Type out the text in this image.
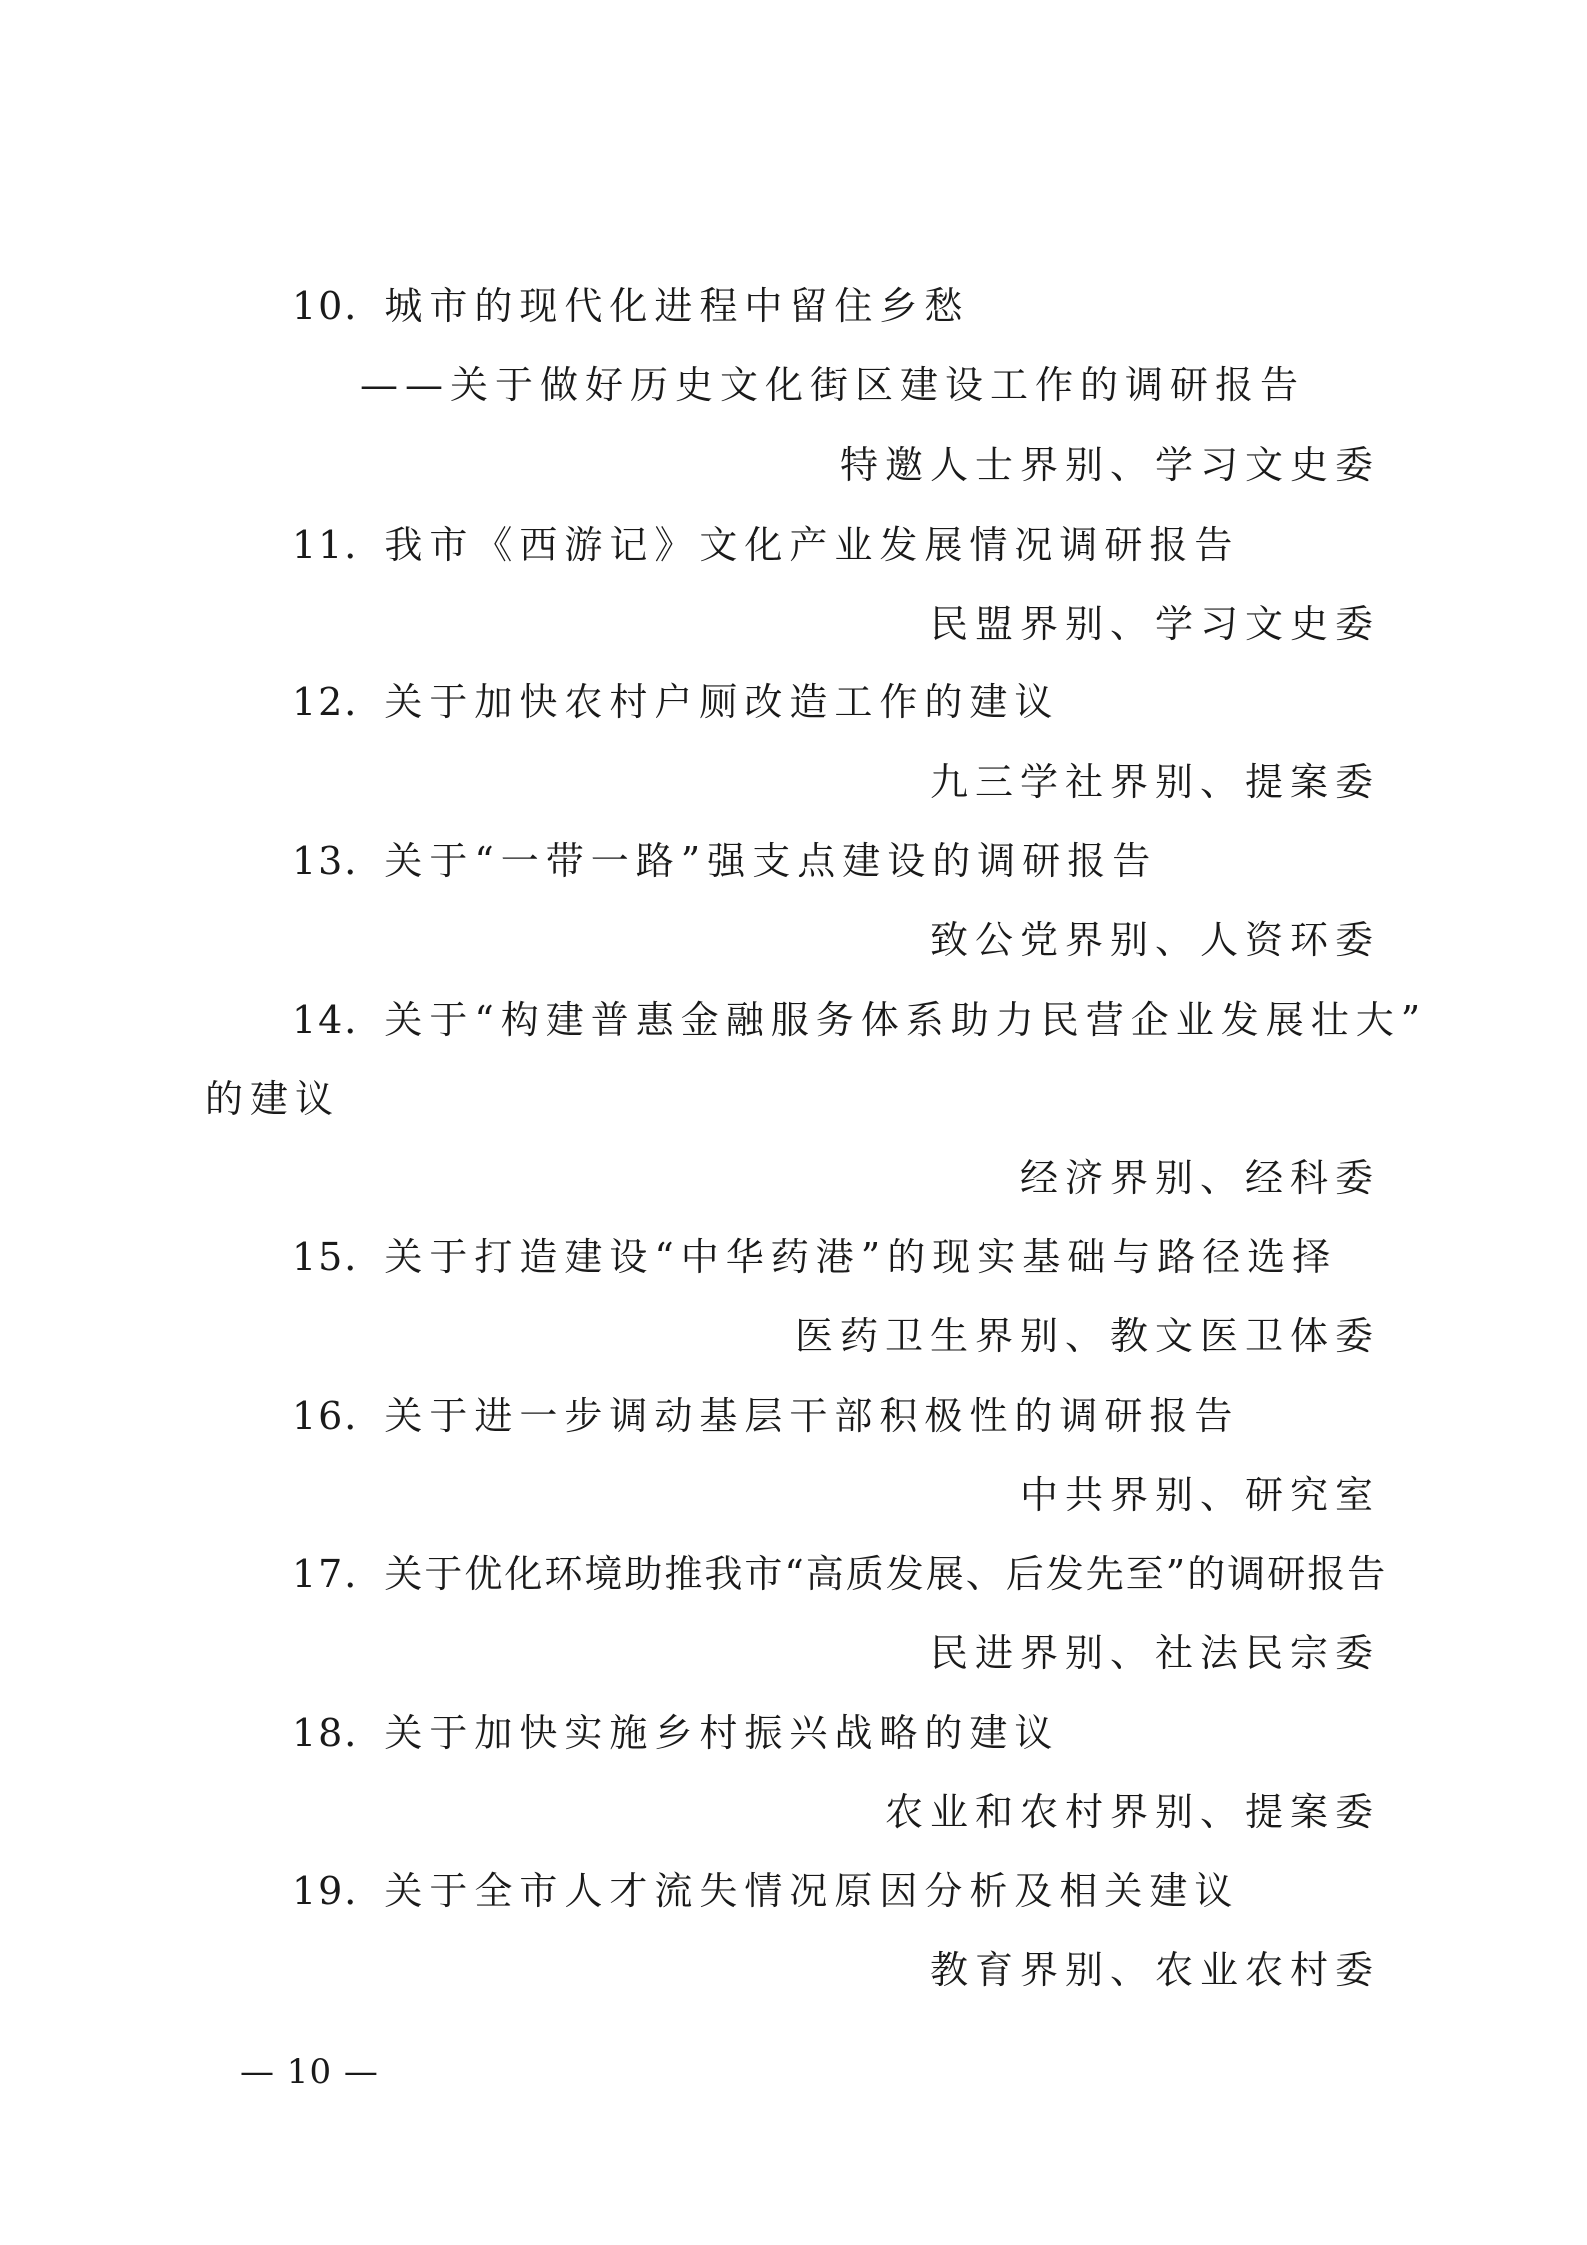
10．城市的现代化进程中留住乡愁
——关于做好历史文化街区建设工作的调研报告
特邀人士界别、学习文史委
11．我市《西游记》文化产业发展情况调研报告
民盟界别、学习文史委
12．关于加快农村户厕改造工作的建议
九三学社界别、提案委
13．关于“一带一路”强支点建设的调研报告
致公党界别、人资环委
14．关于“构建普惠金融服务体系助力民营企业发展壮大”
的建议
经济界别、经科委
15．关于打造建设“中华药港”的现实基础与路径选择
医药卫生界别、教文医卫体委
16．关于进一步调动基层干部积极性的调研报告
中共界别、研究室
17．关于优化环境助推我市“高质发展、后发先至”的调研报告
民进界别、社法民宗委
18．关于加快实施乡村振兴战略的建议
农业和农村界别、提案委
19．关于全市人才流失情况原因分析及相关建议
教育界别、农业农村委
— 10 —
